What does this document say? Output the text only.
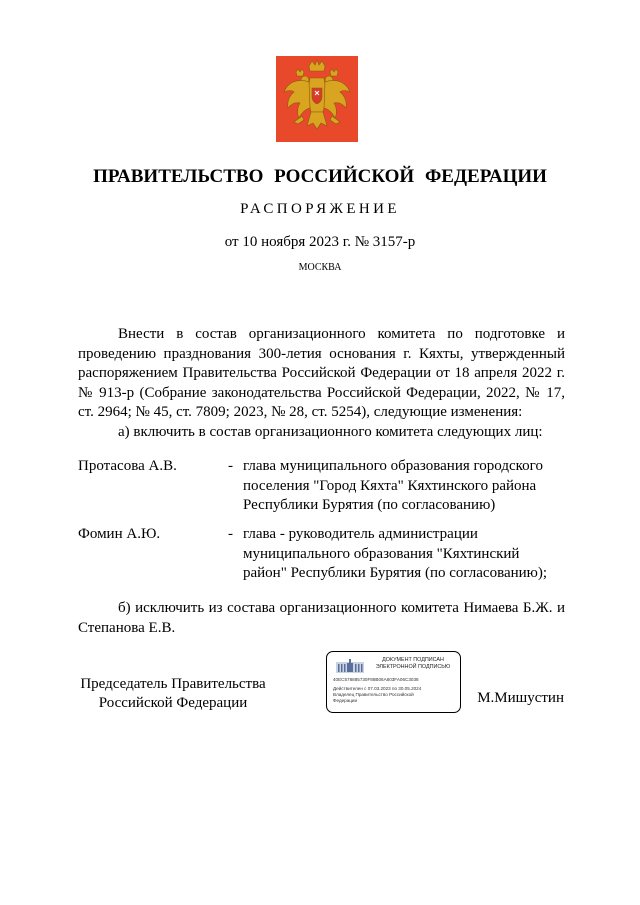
ПРАВИТЕЛЬСТВО РОССИЙСКОЙ ФЕДЕРАЦИИ
РАСПОРЯЖЕНИЕ
от 10 ноября 2023 г. № 3157-р
МОСКВА

Внести в состав организационного комитета по подготовке и проведению празднования 300-летия основания г. Кяхты, утвержденный распоряжением Правительства Российской Федерации от 18 апреля 2022 г. № 913-р (Собрание законодательства Российской Федерации, 2022, № 17, ст. 2964; № 45, ст. 7809; 2023, № 28, ст. 5254), следующие изменения:

а) включить в состав организационного комитета следующих лиц:

Протасова А.В.	- глава муниципального образования городского
поселения "Город Кяхта" Кяхтинского района
Республики Бурятия (по согласованию)
Фомин А.Ю.	- глава - руководитель администрации
муниципального образования "Кяхтинский
район" Республики Бурятия (по согласованию);

б) исключить из состава организационного комитета Нимаева Б.Ж. и Степанова Е.В.

Председатель Правительства
Российской Федерации
ДОКУМЕНТ ПОДПИСАН
ЭЛЕКТРОННОЙ ПОДПИСЬЮ
40EC578885730F88B06A803FA06C3038
Действителен с 07.03.2023 по 30.05.2024
Владелец Правительство Российской
Федерации	М.Мишустин
